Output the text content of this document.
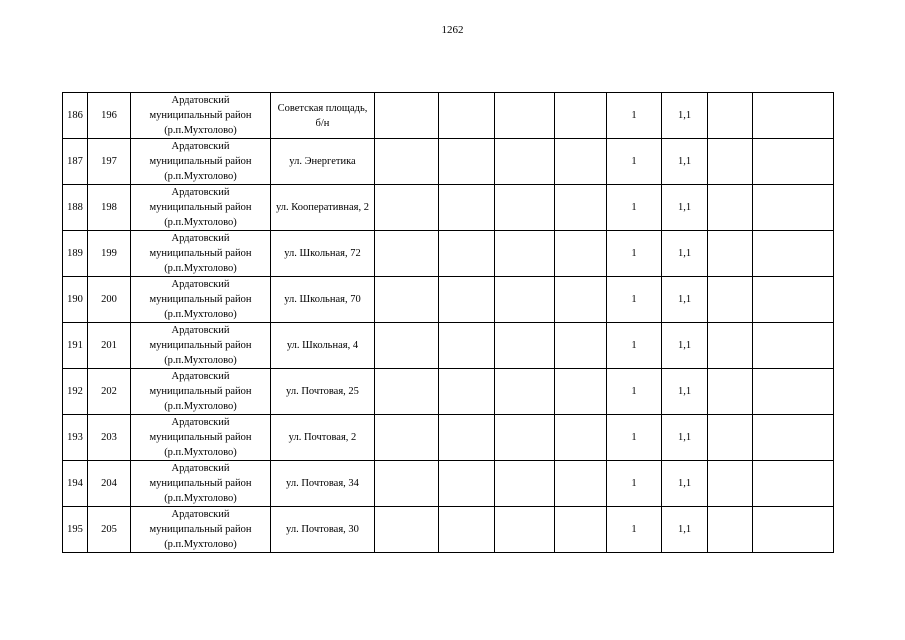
1262
186	196	Ардатовский
муниципальный район
(р.п.Мухтолово)	Советская площадь, б/н					1	1,1		
187	197	Ардатовский
муниципальный район
(р.п.Мухтолово)	ул. Энергетика					1	1,1		
188	198	Ардатовский
муниципальный район
(р.п.Мухтолово)	ул. Кооперативная, 2					1	1,1		
189	199	Ардатовский
муниципальный район
(р.п.Мухтолово)	ул. Школьная, 72					1	1,1		
190	200	Ардатовский
муниципальный район
(р.п.Мухтолово)	ул. Школьная, 70					1	1,1		
191	201	Ардатовский
муниципальный район
(р.п.Мухтолово)	ул. Школьная, 4					1	1,1		
192	202	Ардатовский
муниципальный район
(р.п.Мухтолово)	ул. Почтовая, 25					1	1,1		
193	203	Ардатовский
муниципальный район
(р.п.Мухтолово)	ул. Почтовая, 2					1	1,1		
194	204	Ардатовский
муниципальный район
(р.п.Мухтолово)	ул. Почтовая, 34					1	1,1		
195	205	Ардатовский
муниципальный район
(р.п.Мухтолово)	ул. Почтовая, 30					1	1,1		
